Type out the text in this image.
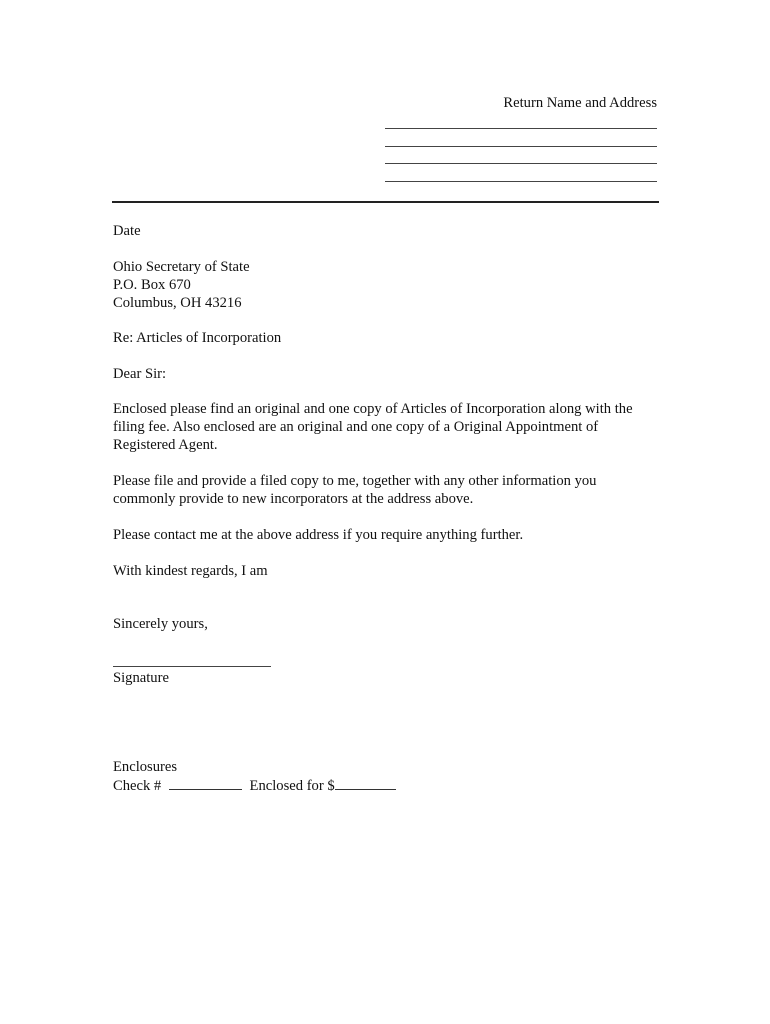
Return Name and Address

Date

Ohio Secretary of State
P.O. Box 670
Columbus, OH 43216

Re: Articles of Incorporation

Dear Sir:

Enclosed please find an original and one copy of Articles of Incorporation along with the
filing fee. Also enclosed are an original and one copy of a Original Appointment of
Registered Agent.
Please file and provide a filed copy to me, together with any other information you
commonly provide to new incorporators at the address above.

Please contact me at the above address if you require anything further.

With kindest regards, I am

Sincerely yours,

Signature

Enclosures

Check #	Enclosed for $
